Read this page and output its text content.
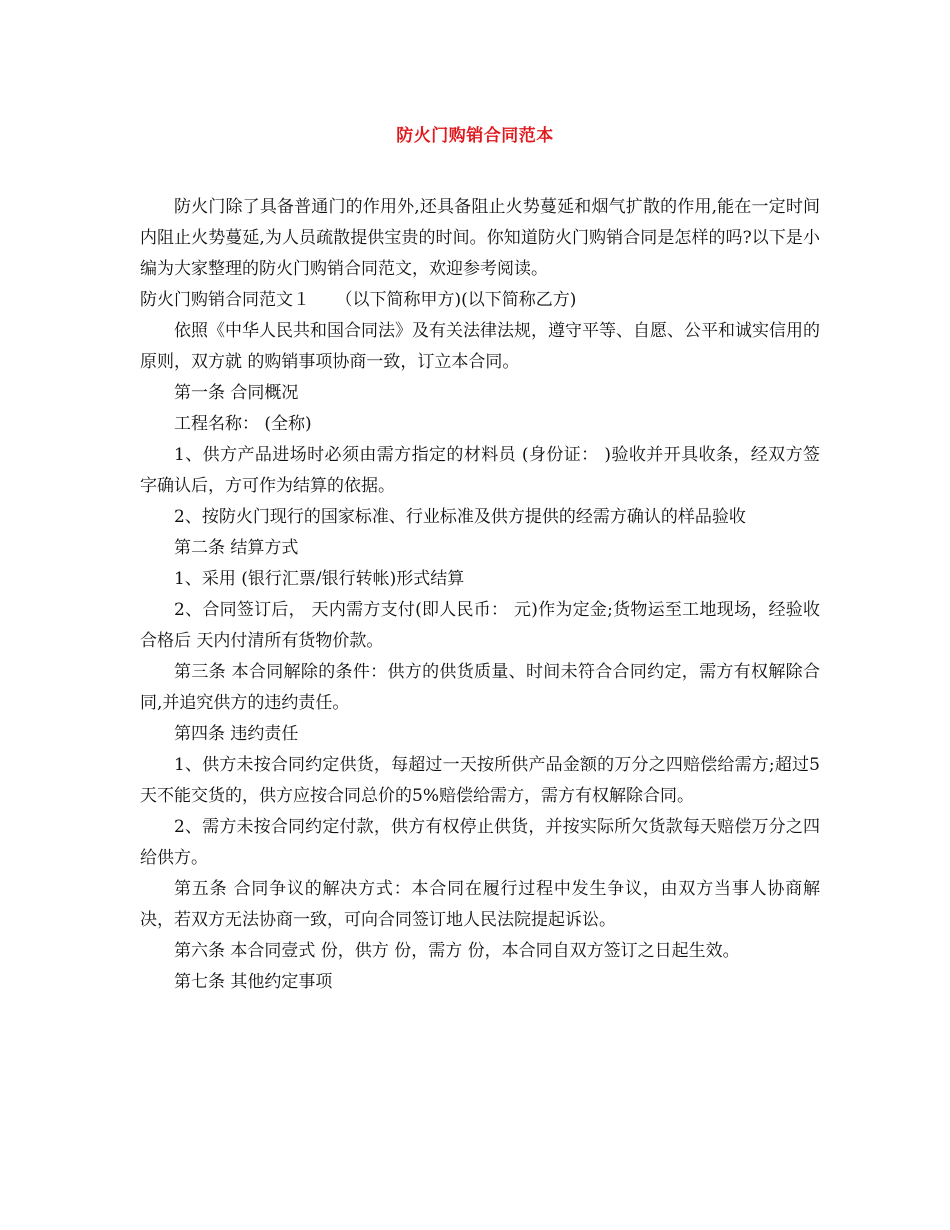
防火门购销合同范本

防火门除了具备普通门的作用外,还具备阻止火势蔓延和烟气扩散的作用,能在一定时间内阻止火势蔓延,为人员疏散提供宝贵的时间。你知道防火门购销合同是怎样的吗?以下是小编为大家整理的防火门购销合同范文，欢迎参考阅读。

防火门购销合同范文１　　（以下简称甲方)(以下简称乙方)

依照《中华人民共和国合同法》及有关法律法规，遵守平等、自愿、公平和诚实信用的原则，双方就 的购销事项协商一致，订立本合同。

第一条 合同概况

工程名称： (全称)

1、供方产品进场时必须由需方指定的材料员 (身份证： )验收并开具收条，经双方签字确认后，方可作为结算的依据。

2、按防火门现行的国家标准、行业标准及供方提供的经需方确认的样品验收

第二条 结算方式

1、采用 (银行汇票/银行转帐)形式结算

2、合同签订后， 天内需方支付(即人民币： 元)作为定金;货物运至工地现场，经验收合格后 天内付清所有货物价款。

第三条 本合同解除的条件：供方的供货质量、时间未符合合同约定，需方有权解除合同,并追究供方的违约责任。

第四条 违约责任

1、供方未按合同约定供货，每超过一天按所供产品金额的万分之四赔偿给需方;超过5天不能交货的，供方应按合同总价的5%赔偿给需方，需方有权解除合同。

2、需方未按合同约定付款，供方有权停止供货，并按实际所欠货款每天赔偿万分之四给供方。

第五条 合同争议的解决方式：本合同在履行过程中发生争议，由双方当事人协商解决，若双方无法协商一致，可向合同签订地人民法院提起诉讼。

第六条 本合同壹式 份，供方 份，需方 份，本合同自双方签订之日起生效。

第七条 其他约定事项
